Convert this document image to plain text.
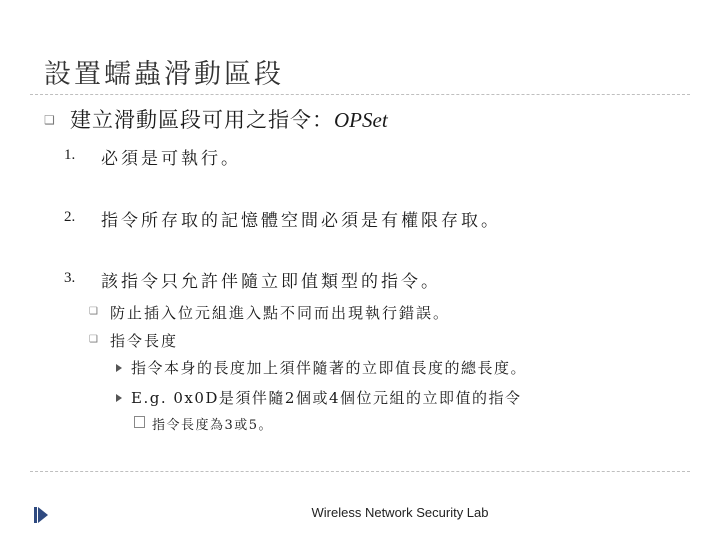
設置蠕蟲滑動區段
❑ 建立滑動區段可用之指令：OPSet
1. 必須是可執行。
2. 指令所存取的記憶體空間必須是有權限存取。
3. 該指令只允許伴隨立即值類型的指令。
❑ 防止插入位元組進入點不同而出現執行錯誤。
❑ 指令長度
指令本身的長度加上須伴隨著的立即值長度的總長度。
E.g. 0x0D是須伴隨2個或4個位元組的立即值的指令
指令長度為3或5。
Wireless Network Security Lab
